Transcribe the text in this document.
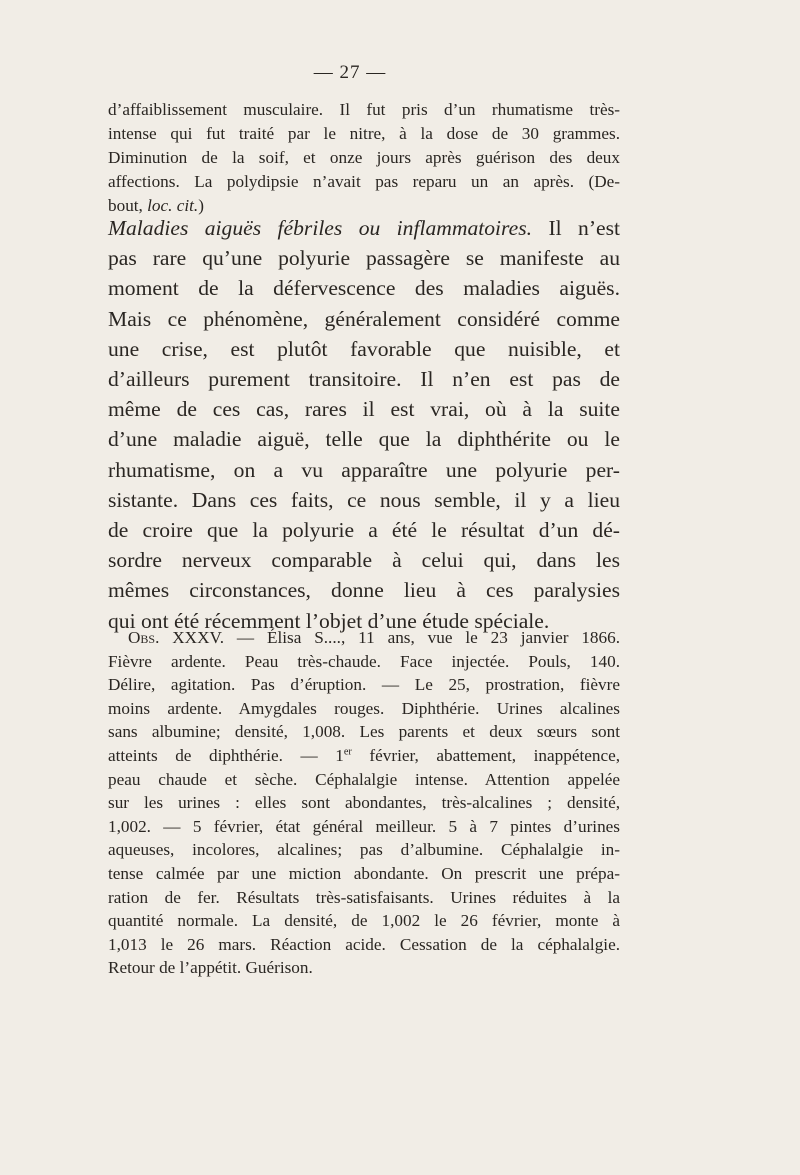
— 27 —
d’affaiblissement musculaire. Il fut pris d’un rhumatisme très-
intense qui fut traité par le nitre, à la dose de 30 grammes.
Diminution de la soif, et onze jours après guérison des deux
affections. La polydipsie n’avait pas reparu un an après. (De-
bout, loc. cit.)
Maladies aiguës fébriles ou inflammatoires. Il n’est
pas rare qu’une polyurie passagère se manifeste au
moment de la défervescence des maladies aiguës.
Mais ce phénomène, généralement considéré comme
une crise, est plutôt favorable que nuisible, et
d’ailleurs purement transitoire. Il n’en est pas de
même de ces cas, rares il est vrai, où à la suite
d’une maladie aiguë, telle que la diphthérite ou le
rhumatisme, on a vu apparaître une polyurie per-
sistante. Dans ces faits, ce nous semble, il y a lieu
de croire que la polyurie a été le résultat d’un dé-
sordre nerveux comparable à celui qui, dans les
mêmes circonstances, donne lieu à ces paralysies
qui ont été récemment l’objet d’une étude spéciale.
Obs. XXXV. — Élisa S...., 11 ans, vue le 23 janvier 1866.
Fièvre ardente. Peau très-chaude. Face injectée. Pouls, 140.
Délire, agitation. Pas d’éruption. — Le 25, prostration, fièvre
moins ardente. Amygdales rouges. Diphthérie. Urines alcalines
sans albumine; densité, 1,008. Les parents et deux sœurs sont
atteints de diphthérie. — 1er février, abattement, inappétence,
peau chaude et sèche. Céphalalgie intense. Attention appelée
sur les urines : elles sont abondantes, très-alcalines ; densité,
1,002. — 5 février, état général meilleur. 5 à 7 pintes d’urines
aqueuses, incolores, alcalines; pas d’albumine. Céphalalgie in-
tense calmée par une miction abondante. On prescrit une prépa-
ration de fer. Résultats très-satisfaisants. Urines réduites à la
quantité normale. La densité, de 1,002 le 26 février, monte à
1,013 le 26 mars. Réaction acide. Cessation de la céphalalgie.
Retour de l’appétit. Guérison.
